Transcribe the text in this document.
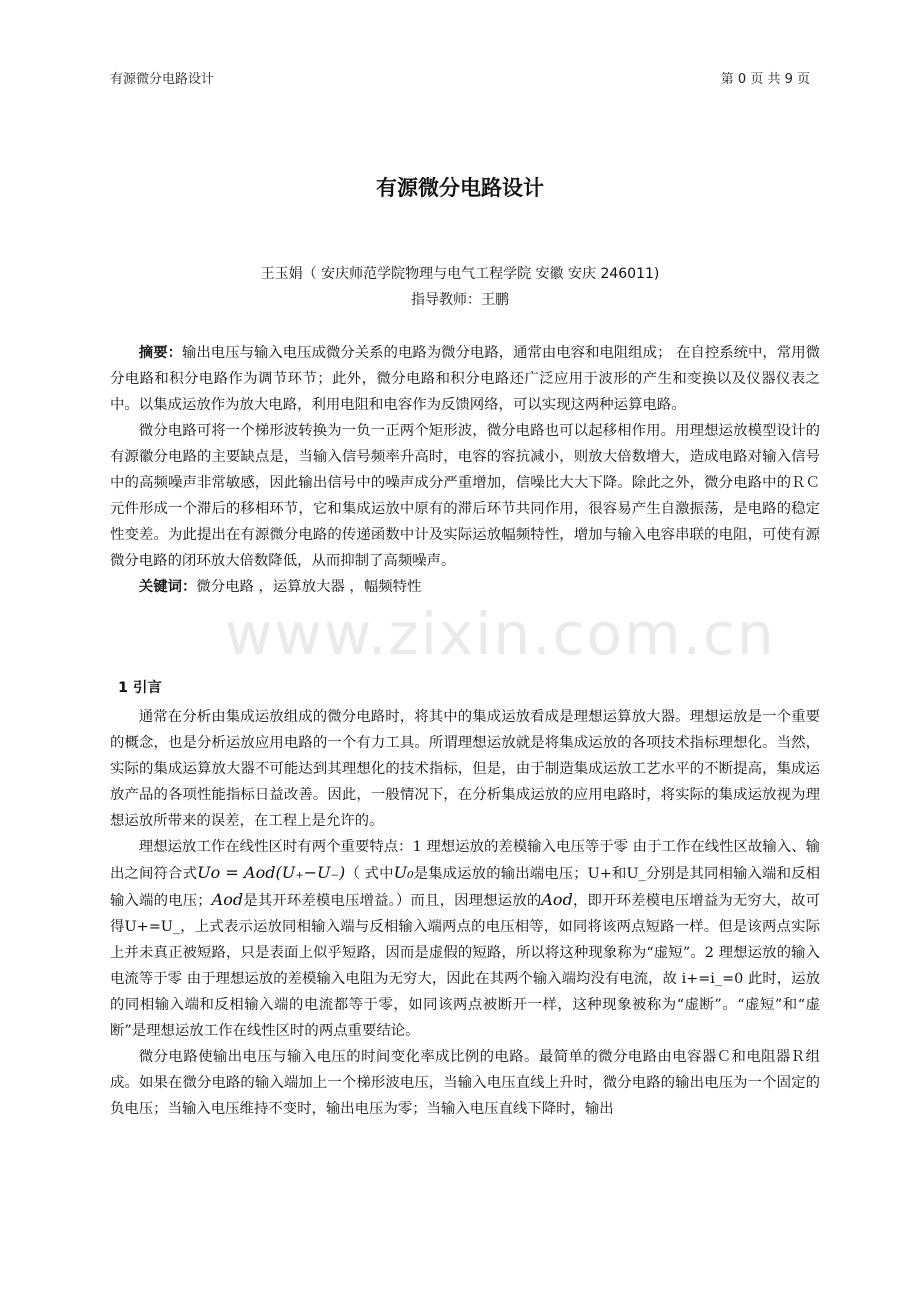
有源微分电路设计	第 0 页 共 9 页
有源微分电路设计
王玉娟（ 安庆师范学院物理与电气工程学院 安徽 安庆 246011)
指导教师：王鹏

摘要：输出电压与输入电压成微分关系的电路为微分电路，通常由电容和电阻组成； 在自控系统中，常用微分电路和积分电路作为调节环节；此外，微分电路和积分电路还广泛应用于波形的产生和变换以及仪器仪表之中。以集成运放作为放大电路，利用电阻和电容作为反馈网络，可以实现这两种运算电路。

微分电路可将一个梯形波转换为一负一正两个矩形波，微分电路也可以起移相作用。用理想运放模型设计的有源徽分电路的主要缺点是，当输入信号频率升高时，电容的容抗减小，则放大倍数增大，造成电路对输入信号中的高频噪声非常敏感，因此输出信号中的噪声成分严重增加，信噪比大大下降。除此之外，微分电路中的ＲＣ元件形成一个滞后的移相环节，它和集成运放中原有的滞后环节共同作用，很容易产生自激振荡，是电路的稳定性变差。为此提出在有源微分电路的传递函数中计及实际运放幅频特性，增加与输入电容串联的电阻，可使有源微分电路的闭环放大倍数降低，从而抑制了高频噪声。

关键词：微分电路 ，运算放大器 ，幅频特性

1 引言

通常在分析由集成运放组成的微分电路时，将其中的集成运放看成是理想运算放大器。理想运放是一个重要的概念，也是分析运放应用电路的一个有力工具。所谓理想运放就是将集成运放的各项技术指标理想化。当然，实际的集成运算放大器不可能达到其理想化的技术指标，但是，由于制造集成运放工艺水平的不断提高，集成运放产品的各项性能指标日益改善。因此，一般情况下，在分析集成运放的应用电路时，将实际的集成运放视为理想运放所带来的误差，在工程上是允许的。

理想运放工作在线性区时有两个重要特点：1 理想运放的差模输入电压等于零 由于工作在线性区故输入、输出之间符合式Uo = Aod(U₊−U₋)（ 式中U₀是集成运放的输出端电压；U+和U_分别是其同相输入端和反相输入端的电压；Aod是其开环差模电压增益。）而且，因理想运放的Aod，即开环差模电压增益为无穷大，故可得U+=U_，上式表示运放同相输入端与反相输入端两点的电压相等，如同将该两点短路一样。但是该两点实际上并未真正被短路，只是表面上似乎短路，因而是虚假的短路，所以将这种现象称为“虚短”。2 理想运放的输入电流等于零 由于理想运放的差模输入电阻为无穷大，因此在其两个输入端均没有电流，故 i+=i_=0 此时，运放的同相输入端和反相输入端的电流都等于零，如同该两点被断开一样，这种现象被称为“虚断”。“虚短”和“虚断”是理想运放工作在线性区时的两点重要结论。

微分电路使输出电压与输入电压的时间变化率成比例的电路。最简单的微分电路由电容器Ｃ和电阻器Ｒ组成。如果在微分电路的输入端加上一个梯形波电压，当输入电压直线上升时，微分电路的输出电压为一个固定的负电压；当输入电压维持不变时，输出电压为零；当输入电压直线下降时，输出

www.zixin.com.cn
